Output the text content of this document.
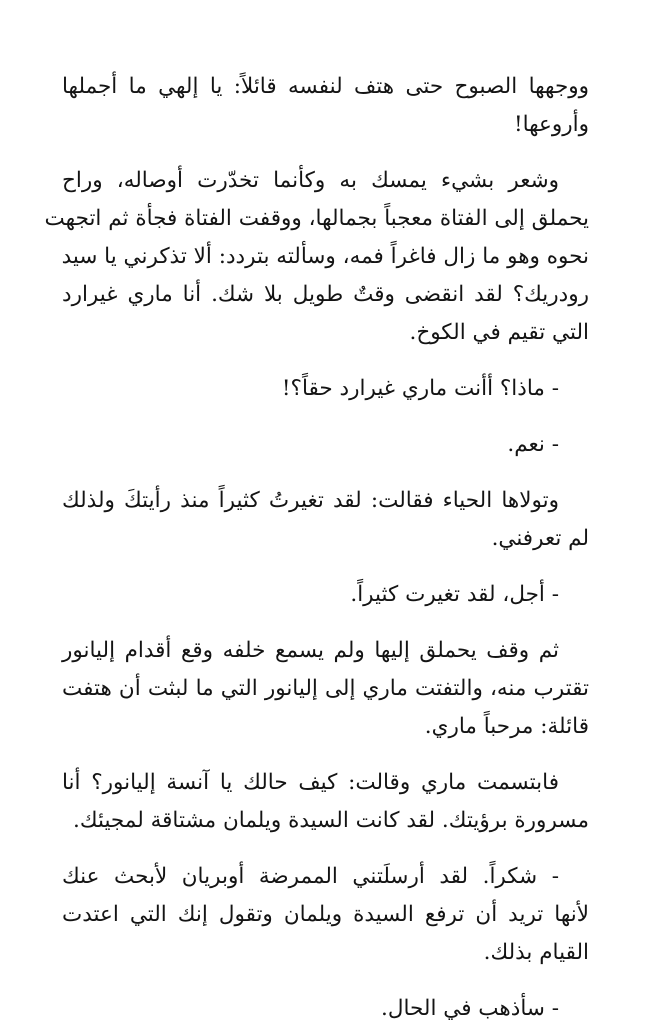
ووجهها الصبوح حتى هتف لنفسه قائلاً: يا إلهي ما أجملها
وأروعها!
وشعر بشيء يمسك به وكأنما تخدّرت أوصاله، وراح
يحملق إلى الفتاة معجباً بجمالها، ووقفت الفتاة فجأة ثم اتجهت
نحوه وهو ما زال فاغراً فمه، وسألته بتردد: ألا تذكرني يا سيد
رودريك؟ لقد انقضى وقتٌ طويل بلا شك. أنا ماري غيرارد
التي تقيم في الكوخ.
- ماذا؟ أأنت ماري غيرارد حقاً؟!
- نعم.
وتولاها الحياء فقالت: لقد تغيرتُ كثيراً منذ رأيتكَ ولذلك
لم تعرفني.
- أجل، لقد تغيرت كثيراً.
ثم وقف يحملق إليها ولم يسمع خلفه وقع أقدام إليانور
تقترب منه، والتفتت ماري إلى إليانور التي ما لبثت أن هتفت
قائلة: مرحباً ماري.
فابتسمت ماري وقالت: كيف حالك يا آنسة إليانور؟ أنا
مسرورة برؤيتك. لقد كانت السيدة ويلمان مشتاقة لمجيئك.
- شكراً. لقد أرسلَتني الممرضة أوبريان لأبحث عنك
لأنها تريد أن ترفع السيدة ويلمان وتقول إنك التي اعتدت
القيام بذلك.
- سأذهب في الحال.
